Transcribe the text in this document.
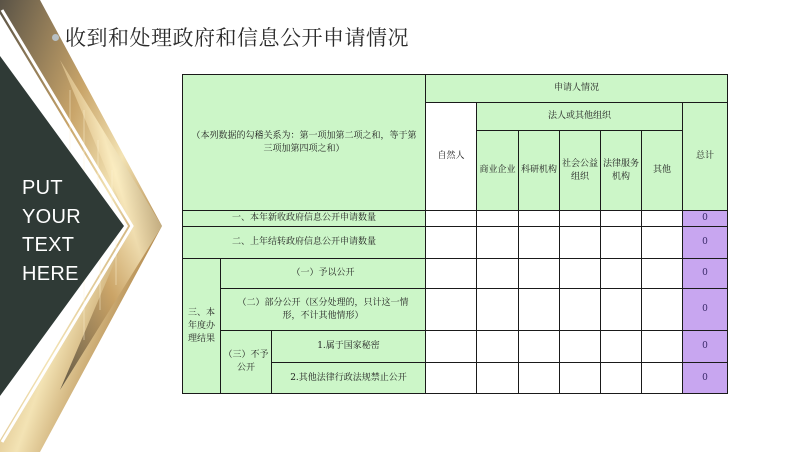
PUT
YOUR
TEXT
HERE
收到和处理政府和信息公开申请情况
（本列数据的勾稽关系为：第一项加第二项之和，等于第三项加第四项之和）			申请人情况						
			自然人	法人或其他组织					总计
				商业企业	科研机构	社会公益组织	法律服务机构	其他	
一、本年新收政府信息公开申请数量									0
二、上年结转政府信息公开申请数量									0
三、本年度办理结果	（一）予以公开								0
	（二）部分公开（区分处理的，只计这一情形，不计其他情形）								0
	（三）不予公开	1.属于国家秘密							0
		2.其他法律行政法规禁止公开							0
